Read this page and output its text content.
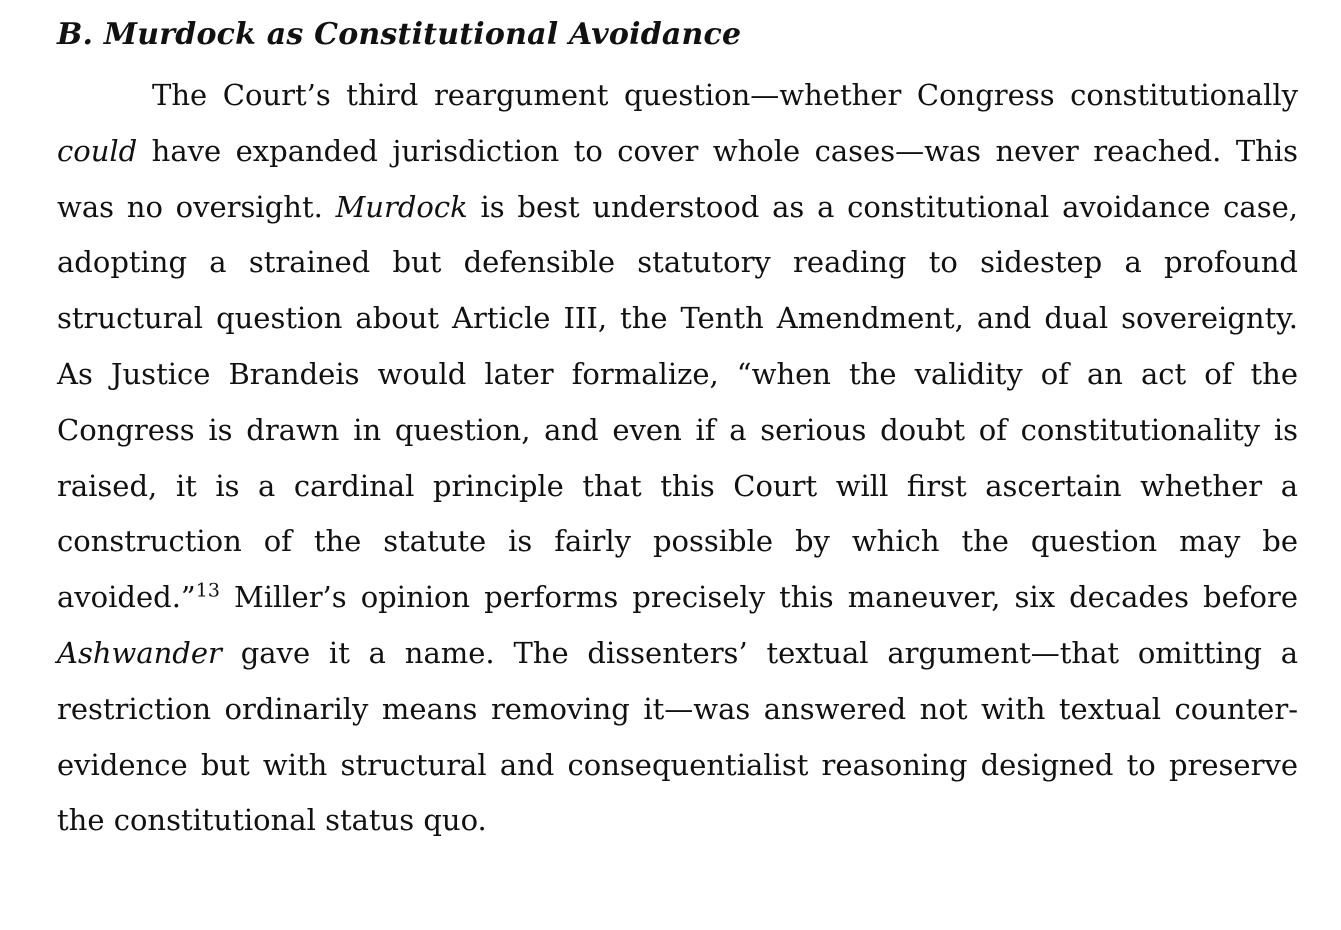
B. Murdock as Constitutional Avoidance

The Court’s third reargument question—whether Congress constitutionally could have expanded jurisdiction to cover whole cases—was never reached. This was no oversight. Murdock is best understood as a constitutional avoidance case, adopting a strained but defensible statutory reading to sidestep a profound structural question about Article III, the Tenth Amendment, and dual sovereignty. As Justice Brandeis would later formalize, “when the validity of an act of the Congress is drawn in question, and even if a serious doubt of constitutionality is raised, it is a cardinal principle that this Court will first ascertain whether a construction of the statute is fairly possible by which the question may be avoided.”$^{13}$ Miller’s opinion performs precisely this maneuver, six decades before Ashwander gave it a name. The dissenters’ textual argument—that omitting a restriction ordinarily means removing it—was answered not with textual counter-evidence but with structural and consequentialist reasoning designed to preserve the constitutional status quo.
